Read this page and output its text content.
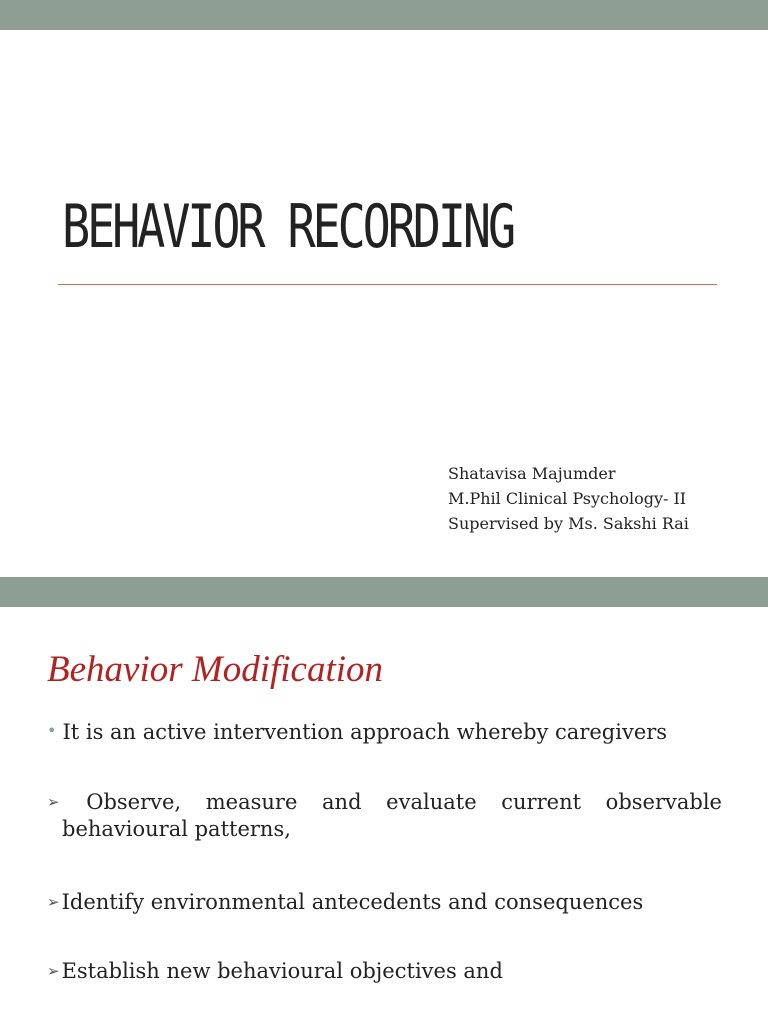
BEHAVIOR RECORDING
Shatavisa Majumder
M.Phil Clinical Psychology- II
Supervised by Ms. Sakshi Rai
Behavior Modification
• It is an active intervention approach whereby caregivers
➢ Observe, measure and evaluate current observable
behavioural patterns,
➢Identify environmental antecedents and consequences
➢Establish new behavioural objectives and
